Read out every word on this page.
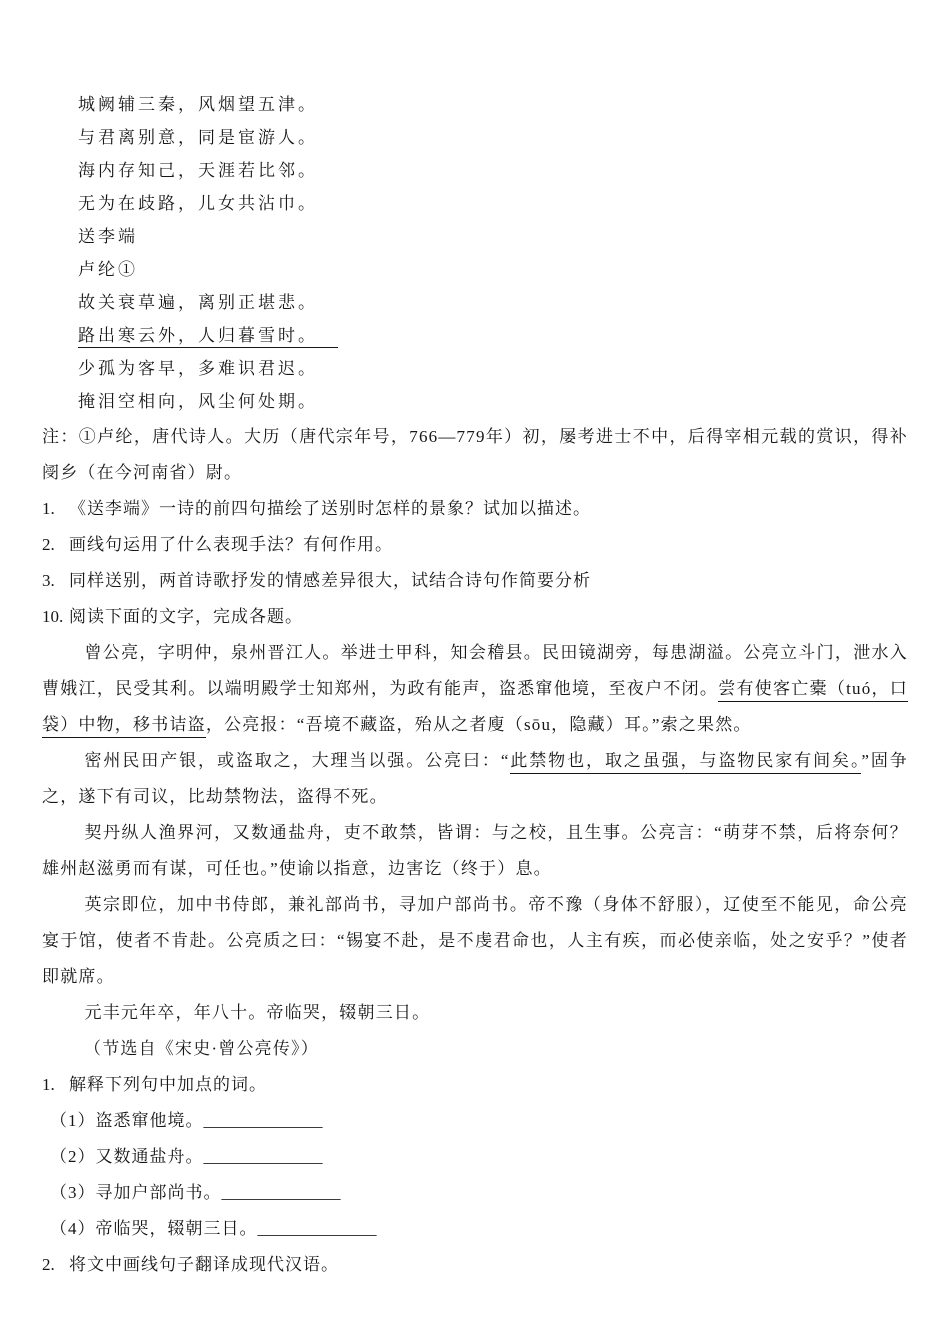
城阙辅三秦，风烟望五津。
与君离别意，同是宦游人。
海内存知己，天涯若比邻。
无为在歧路，儿女共沾巾。
送李端
卢纶①
故关衰草遍，离别正堪悲。
路出寒云外，人归暮雪时。
少孤为客早，多难识君迟。
掩泪空相向，风尘何处期。

注：①卢纶，唐代诗人。大历（唐代宗年号，766—779年）初，屡考进士不中，后得宰相元载的赏识，得补阌乡（在今河南省）尉。

1. 《送李端》一诗的前四句描绘了送别时怎样的景象？试加以描述。

2. 画线句运用了什么表现手法？有何作用。

3. 同样送别，两首诗歌抒发的情感差异很大，试结合诗句作简要分析

10. 阅读下面的文字，完成各题。

曾公亮，字明仲，泉州晋江人。举进士甲科，知会稽县。民田镜湖旁，每患湖溢。公亮立斗门，泄水入曹娥江，民受其利。以端明殿学士知郑州，为政有能声，盗悉窜他境，至夜户不闭。尝有使客亡橐（tuó，口袋）中物，移书诘盗，公亮报：“吾境不藏盗，殆从之者廋（sōu，隐藏）耳。”索之果然。

密州民田产银，或盗取之，大理当以强。公亮曰：“此禁物也，取之虽强，与盗物民家有间矣。”固争之，遂下有司议，比劫禁物法，盗得不死。

契丹纵人渔界河，又数通盐舟，吏不敢禁，皆谓：与之校，且生事。公亮言：“萌芽不禁，后将奈何？雄州赵滋勇而有谋，可任也。”使谕以指意，边害讫（终于）息。

英宗即位，加中书侍郎，兼礼部尚书，寻加户部尚书。帝不豫（身体不舒服），辽使至不能见，命公亮宴于馆，使者不肯赴。公亮质之曰：“锡宴不赴，是不虔君命也，人主有疾，而必使亲临，处之安乎？”使者即就席。

元丰元年卒，年八十。帝临哭，辍朝三日。

（节选自《宋史·曾公亮传》）

1. 解释下列句中加点的词。

（1）盗悉窜他境。______________

（2）又数通盐舟。______________

（3）寻加户部尚书。______________

（4）帝临哭，辍朝三日。______________

2. 将文中画线句子翻译成现代汉语。
